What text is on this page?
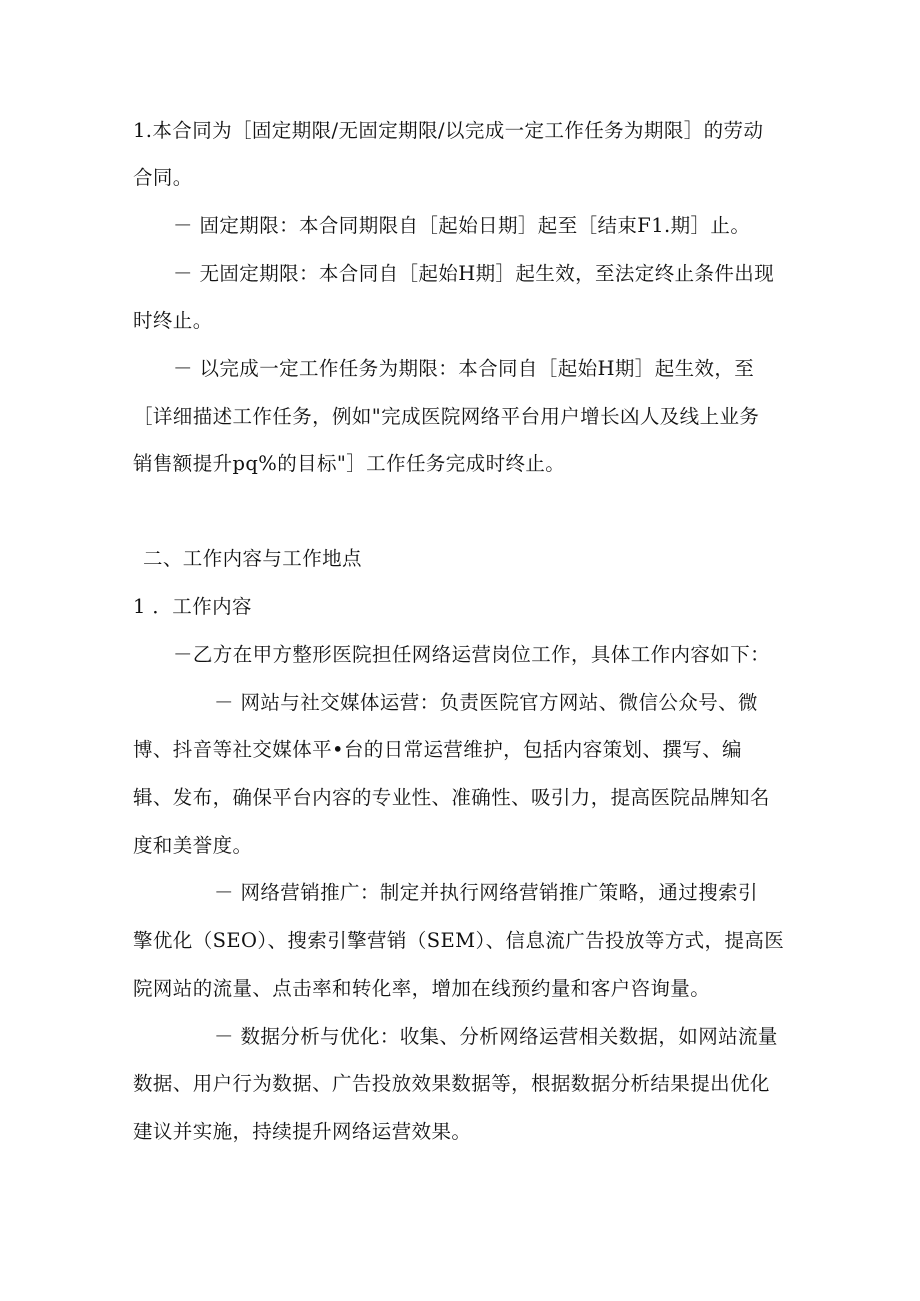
1.本合同为［固定期限/无固定期限/以完成一定工作任务为期限］的劳动

合同。

－ 固定期限：本合同期限自［起始日期］起至［结束F1.期］止。

－ 无固定期限：本合同自［起始H期］起生效，至法定终止条件出现

时终止。

－ 以完成一定工作任务为期限：本合同自［起始H期］起生效，至

［详细描述工作任务，例如"完成医院网络平台用户增长凶人及线上业务

销售额提升pq%的目标"］工作任务完成时终止。

二、工作内容与工作地点

1 ．工作内容

－乙方在甲方整形医院担任网络运营岗位工作，具体工作内容如下：

－ 网站与社交媒体运营：负责医院官方网站、微信公众号、微

博、抖音等社交媒体平•台的日常运营维护，包括内容策划、撰写、编

辑、发布，确保平台内容的专业性、准确性、吸引力，提高医院品牌知名

度和美誉度。

－ 网络营销推广：制定并执行网络营销推广策略，通过搜索引

擎优化（SEO）、搜索引擎营销（SEM）、信息流广告投放等方式，提高医

院网站的流量、点击率和转化率，增加在线预约量和客户咨询量。

－ 数据分析与优化：收集、分析网络运营相关数据，如网站流量

数据、用户行为数据、广告投放效果数据等，根据数据分析结果提出优化

建议并实施，持续提升网络运营效果。
